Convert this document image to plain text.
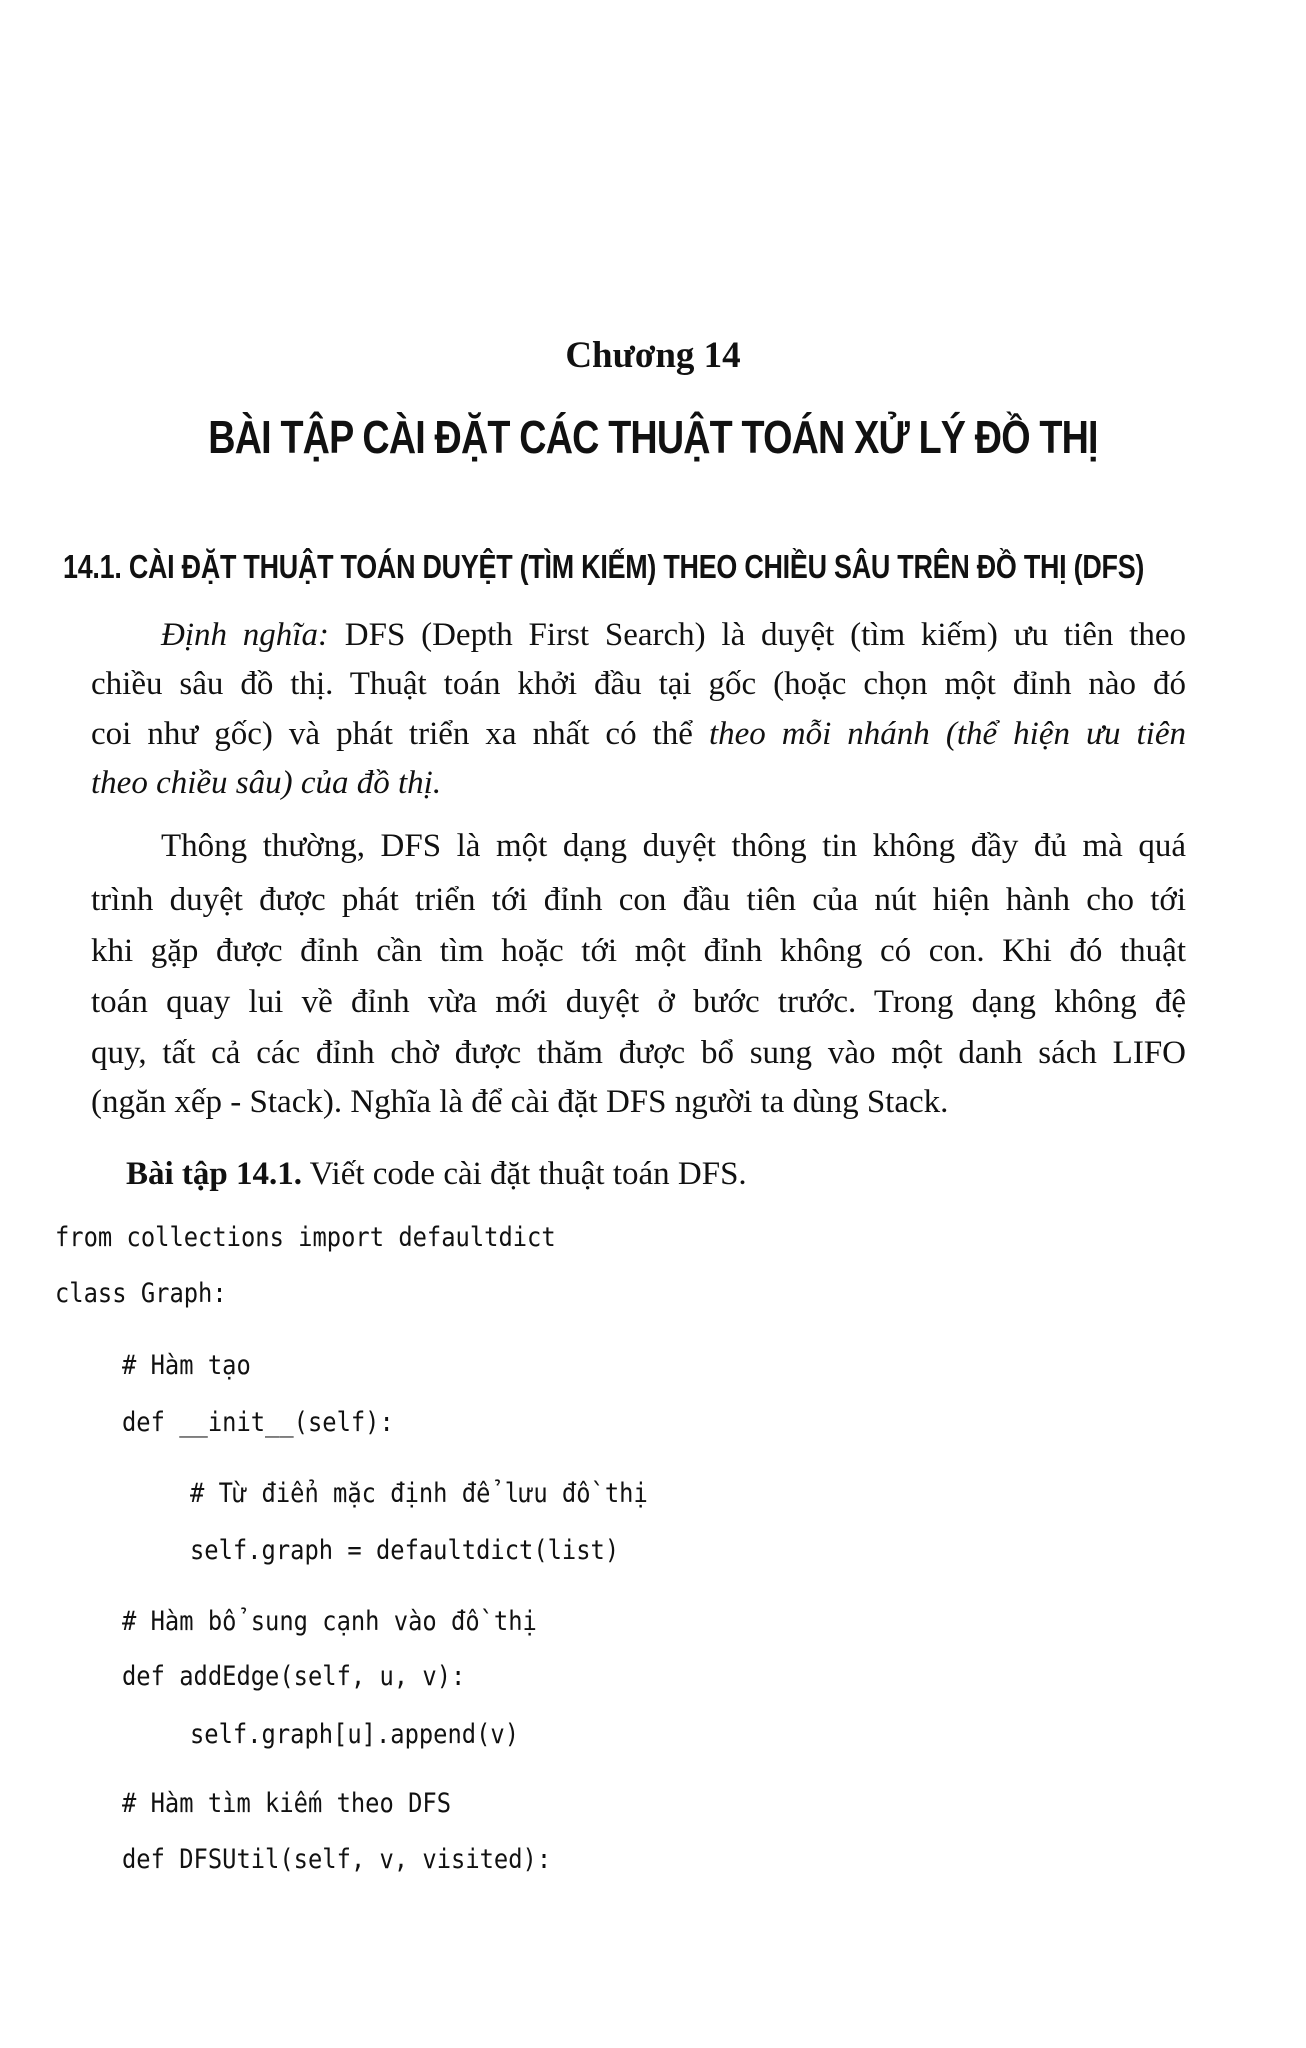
Chương 14
BÀI TẬP CÀI ĐẶT CÁC THUẬT TOÁN XỬ LÝ ĐỒ THỊ
14.1. CÀI ĐẶT THUẬT TOÁN DUYỆT (TÌM KIẾM) THEO CHIỀU SÂU TRÊN ĐỒ THỊ (DFS)
Định nghĩa: DFS (Depth First Search) là duyệt (tìm kiếm) ưu tiên theo
chiều sâu đồ thị. Thuật toán khởi đầu tại gốc (hoặc chọn một đỉnh nào đó
coi như gốc) và phát triển xa nhất có thể theo mỗi nhánh (thể hiện ưu tiên
theo chiều sâu) của đồ thị.
Thông thường, DFS là một dạng duyệt thông tin không đầy đủ mà quá
trình duyệt được phát triển tới đỉnh con đầu tiên của nút hiện hành cho tới
khi gặp được đỉnh cần tìm hoặc tới một đỉnh không có con. Khi đó thuật
toán quay lui về đỉnh vừa mới duyệt ở bước trước. Trong dạng không đệ
quy, tất cả các đỉnh chờ được thăm được bổ sung vào một danh sách LIFO
(ngăn xếp - Stack). Nghĩa là để cài đặt DFS người ta dùng Stack.
Bài tập 14.1. Viết code cài đặt thuật toán DFS.
from collections import defaultdict
class Graph:
# Hàm tạo
def __init__(self):
# Từ điển mặc định để lưu đồ thị
self.graph = defaultdict(list)
# Hàm bổ sung cạnh vào đồ thị
def addEdge(self, u, v):
self.graph[u].append(v)
# Hàm tìm kiếm theo DFS
def DFSUtil(self, v, visited):
